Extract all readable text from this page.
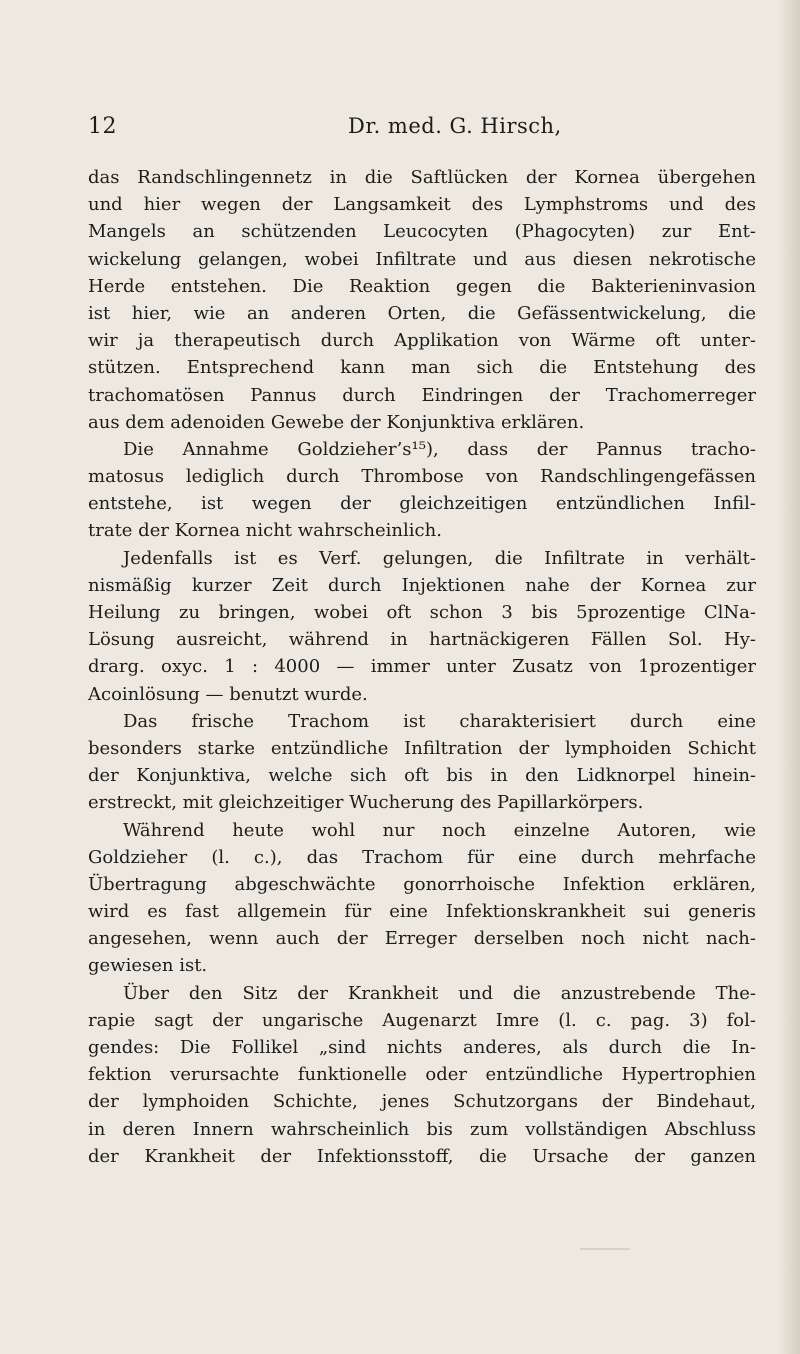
12	Dr. med. G. Hirsch,
das Randschlingennetz in die Saftlücken der Kornea übergehen
und hier wegen der Langsamkeit des Lymphstroms und des
Mangels an schützenden Leucocyten (Phagocyten) zur Ent-
wickelung gelangen, wobei Infiltrate und aus diesen nekrotische
Herde entstehen. Die Reaktion gegen die Bakterieninvasion
ist hier, wie an anderen Orten, die Gefässentwickelung, die
wir ja therapeutisch durch Applikation von Wärme oft unter-
stützen. Entsprechend kann man sich die Entstehung des
trachomatösen Pannus durch Eindringen der Trachomerreger
aus dem adenoiden Gewebe der Konjunktiva erklären.
Die Annahme Goldzieher’s¹⁵), dass der Pannus tracho-
matosus lediglich durch Thrombose von Randschlingengefässen
entstehe, ist wegen der gleichzeitigen entzündlichen Infil-
trate der Kornea nicht wahrscheinlich.
Jedenfalls ist es Verf. gelungen, die Infiltrate in verhält-
nismäßig kurzer Zeit durch Injektionen nahe der Kornea zur
Heilung zu bringen, wobei oft schon 3 bis 5prozentige ClNa-
Lösung ausreicht, während in hartnäckigeren Fällen Sol. Hy-
drarg. oxyc. 1 : 4000 — immer unter Zusatz von 1prozentiger
Acoinlösung — benutzt wurde.
Das frische Trachom ist charakterisiert durch eine
besonders starke entzündliche Infiltration der lymphoiden Schicht
der Konjunktiva, welche sich oft bis in den Lidknorpel hinein-
erstreckt, mit gleichzeitiger Wucherung des Papillarkörpers.
Während heute wohl nur noch einzelne Autoren, wie
Goldzieher (l. c.), das Trachom für eine durch mehrfache
Übertragung abgeschwächte gonorrhoische Infektion erklären,
wird es fast allgemein für eine Infektionskrankheit sui generis
angesehen, wenn auch der Erreger derselben noch nicht nach-
gewiesen ist.
Über den Sitz der Krankheit und die anzustrebende The-
rapie sagt der ungarische Augenarzt Imre (l. c. pag. 3) fol-
gendes: Die Follikel „sind nichts anderes, als durch die In-
fektion verursachte funktionelle oder entzündliche Hypertrophien
der lymphoiden Schichte, jenes Schutzorgans der Bindehaut,
in deren Innern wahrscheinlich bis zum vollständigen Abschluss
der Krankheit der Infektionsstoff, die Ursache der ganzen
